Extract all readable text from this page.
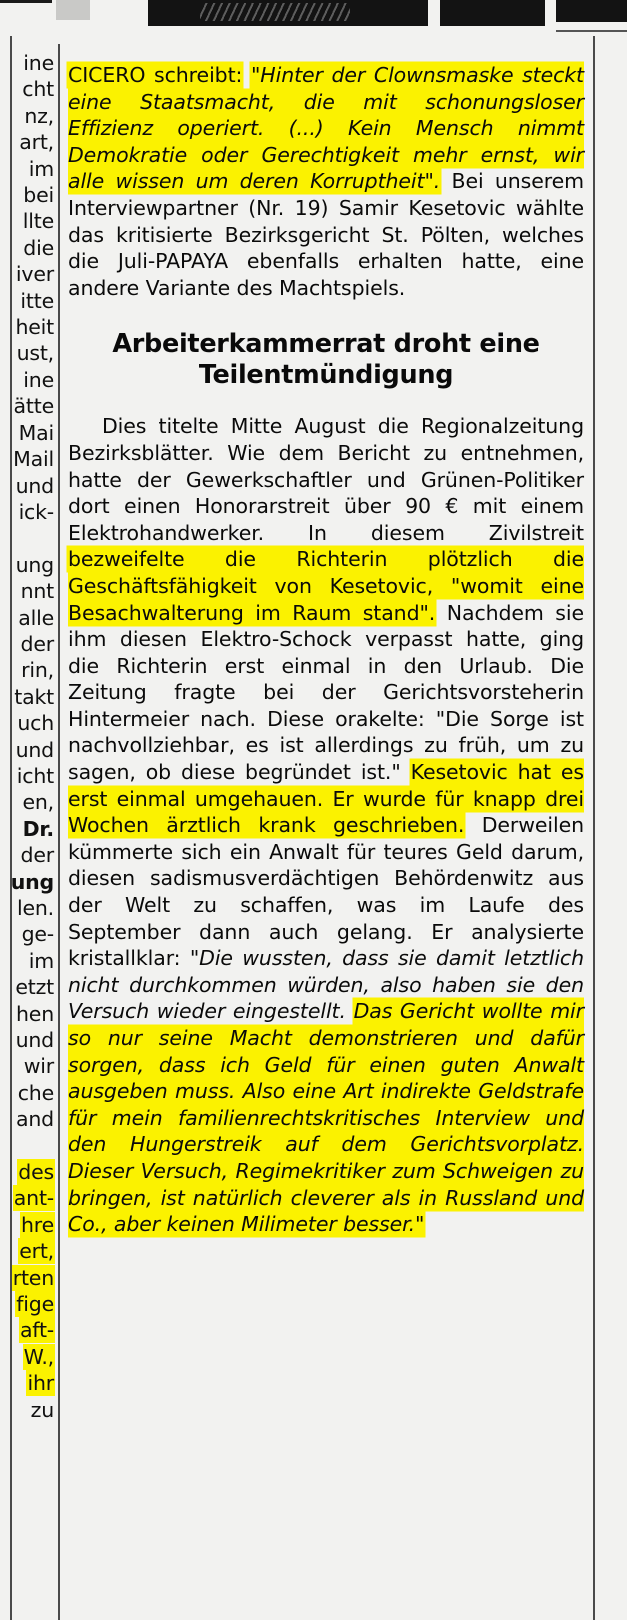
ine
cht
nz,
art,
im
bei
llte
die
iver
itte
heit
ust,
ine
ätte
Mai
Mail
und
ick-
ung
nnt
alle
der
rin,
takt
uch
und
icht
en,
Dr.
der
ung
len.
ge-
im
etzt
hen
und
wir
che
and
des
ant-
hre
ert,
rten
fige
aft-
W.,
ihr
zu

CICERO schreibt: "Hinter der Clownsmaske steckt eine Staatsmacht, die mit schonungsloser Effizienz operiert. (...) Kein Mensch nimmt Demokratie oder Gerechtigkeit mehr ernst, wir alle wissen um deren Korruptheit". Bei unserem Interviewpartner (Nr. 19) Samir Kesetovic wählte das kritisierte Bezirksgericht St. Pölten, welches die Juli-PAPAYA ebenfalls erhalten hatte, eine andere Variante des Machtspiels.

Arbeiterkammerrat droht eine Teilentmündigung

Dies titelte Mitte August die Regionalzeitung Bezirksblätter. Wie dem Bericht zu entnehmen, hatte der Gewerkschaftler und Grünen-Politiker dort einen Honorarstreit über 90 € mit einem Elektrohandwerker. In diesem Zivilstreit bezweifelte die Richterin plötzlich die Geschäftsfähigkeit von Kesetovic, "womit eine Besachwalterung im Raum stand". Nachdem sie ihm diesen Elektro-Schock verpasst hatte, ging die Richterin erst einmal in den Urlaub. Die Zeitung fragte bei der Gerichtsvorsteherin Hintermeier nach. Diese orakelte: "Die Sorge ist nachvollziehbar, es ist allerdings zu früh, um zu sagen, ob diese begründet ist." Kesetovic hat es erst einmal umgehauen. Er wurde für knapp drei Wochen ärztlich krank geschrieben. Derweilen kümmerte sich ein Anwalt für teures Geld darum, diesen sadismusverdächtigen Behördenwitz aus der Welt zu schaffen, was im Laufe des September dann auch gelang. Er analysierte kristallklar: "Die wussten, dass sie damit letztlich nicht durchkommen würden, also haben sie den Versuch wieder eingestellt. Das Gericht wollte mir so nur seine Macht demonstrieren und dafür sorgen, dass ich Geld für einen guten Anwalt ausgeben muss. Also eine Art indirekte Geldstrafe für mein familienrechtskritisches Interview und den Hungerstreik auf dem Gerichtsvorplatz. Dieser Versuch, Regimekritiker zum Schweigen zu bringen, ist natürlich cleverer als in Russland und Co., aber keinen Milimeter besser."
